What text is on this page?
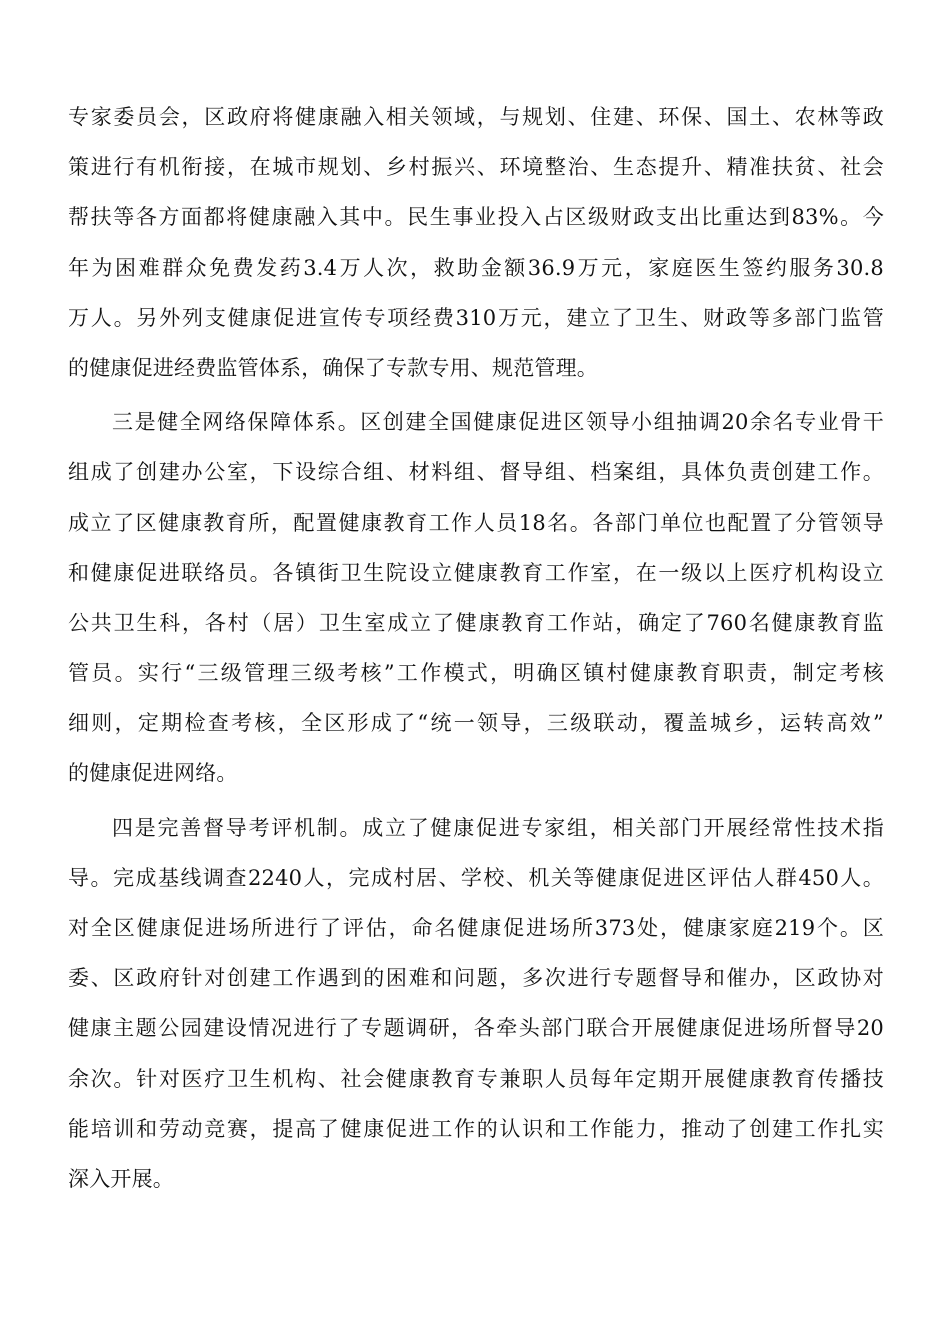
专家委员会，区政府将健康融入相关领域，与规划、住建、环保、国土、农林等政
策进行有机衔接，在城市规划、乡村振兴、环境整治、生态提升、精准扶贫、社会
帮扶等各方面都将健康融入其中。民生事业投入占区级财政支出比重达到83%。今
年为困难群众免费发药3.4万人次，救助金额36.9万元，家庭医生签约服务30.8
万人。另外列支健康促进宣传专项经费310万元，建立了卫生、财政等多部门监管
的健康促进经费监管体系，确保了专款专用、规范管理。
三是健全网络保障体系。区创建全国健康促进区领导小组抽调20余名专业骨干
组成了创建办公室，下设综合组、材料组、督导组、档案组，具体负责创建工作。
成立了区健康教育所，配置健康教育工作人员18名。各部门单位也配置了分管领导
和健康促进联络员。各镇街卫生院设立健康教育工作室，在一级以上医疗机构设立
公共卫生科，各村（居）卫生室成立了健康教育工作站，确定了760名健康教育监
管员。实行“三级管理三级考核”工作模式，明确区镇村健康教育职责，制定考核
细则，定期检查考核，全区形成了“统一领导，三级联动，覆盖城乡，运转高效”
的健康促进网络。
四是完善督导考评机制。成立了健康促进专家组，相关部门开展经常性技术指
导。完成基线调查2240人，完成村居、学校、机关等健康促进区评估人群450人。
对全区健康促进场所进行了评估，命名健康促进场所373处，健康家庭219个。区
委、区政府针对创建工作遇到的困难和问题，多次进行专题督导和催办，区政协对
健康主题公园建设情况进行了专题调研，各牵头部门联合开展健康促进场所督导20
余次。针对医疗卫生机构、社会健康教育专兼职人员每年定期开展健康教育传播技
能培训和劳动竞赛，提高了健康促进工作的认识和工作能力，推动了创建工作扎实
深入开展。
